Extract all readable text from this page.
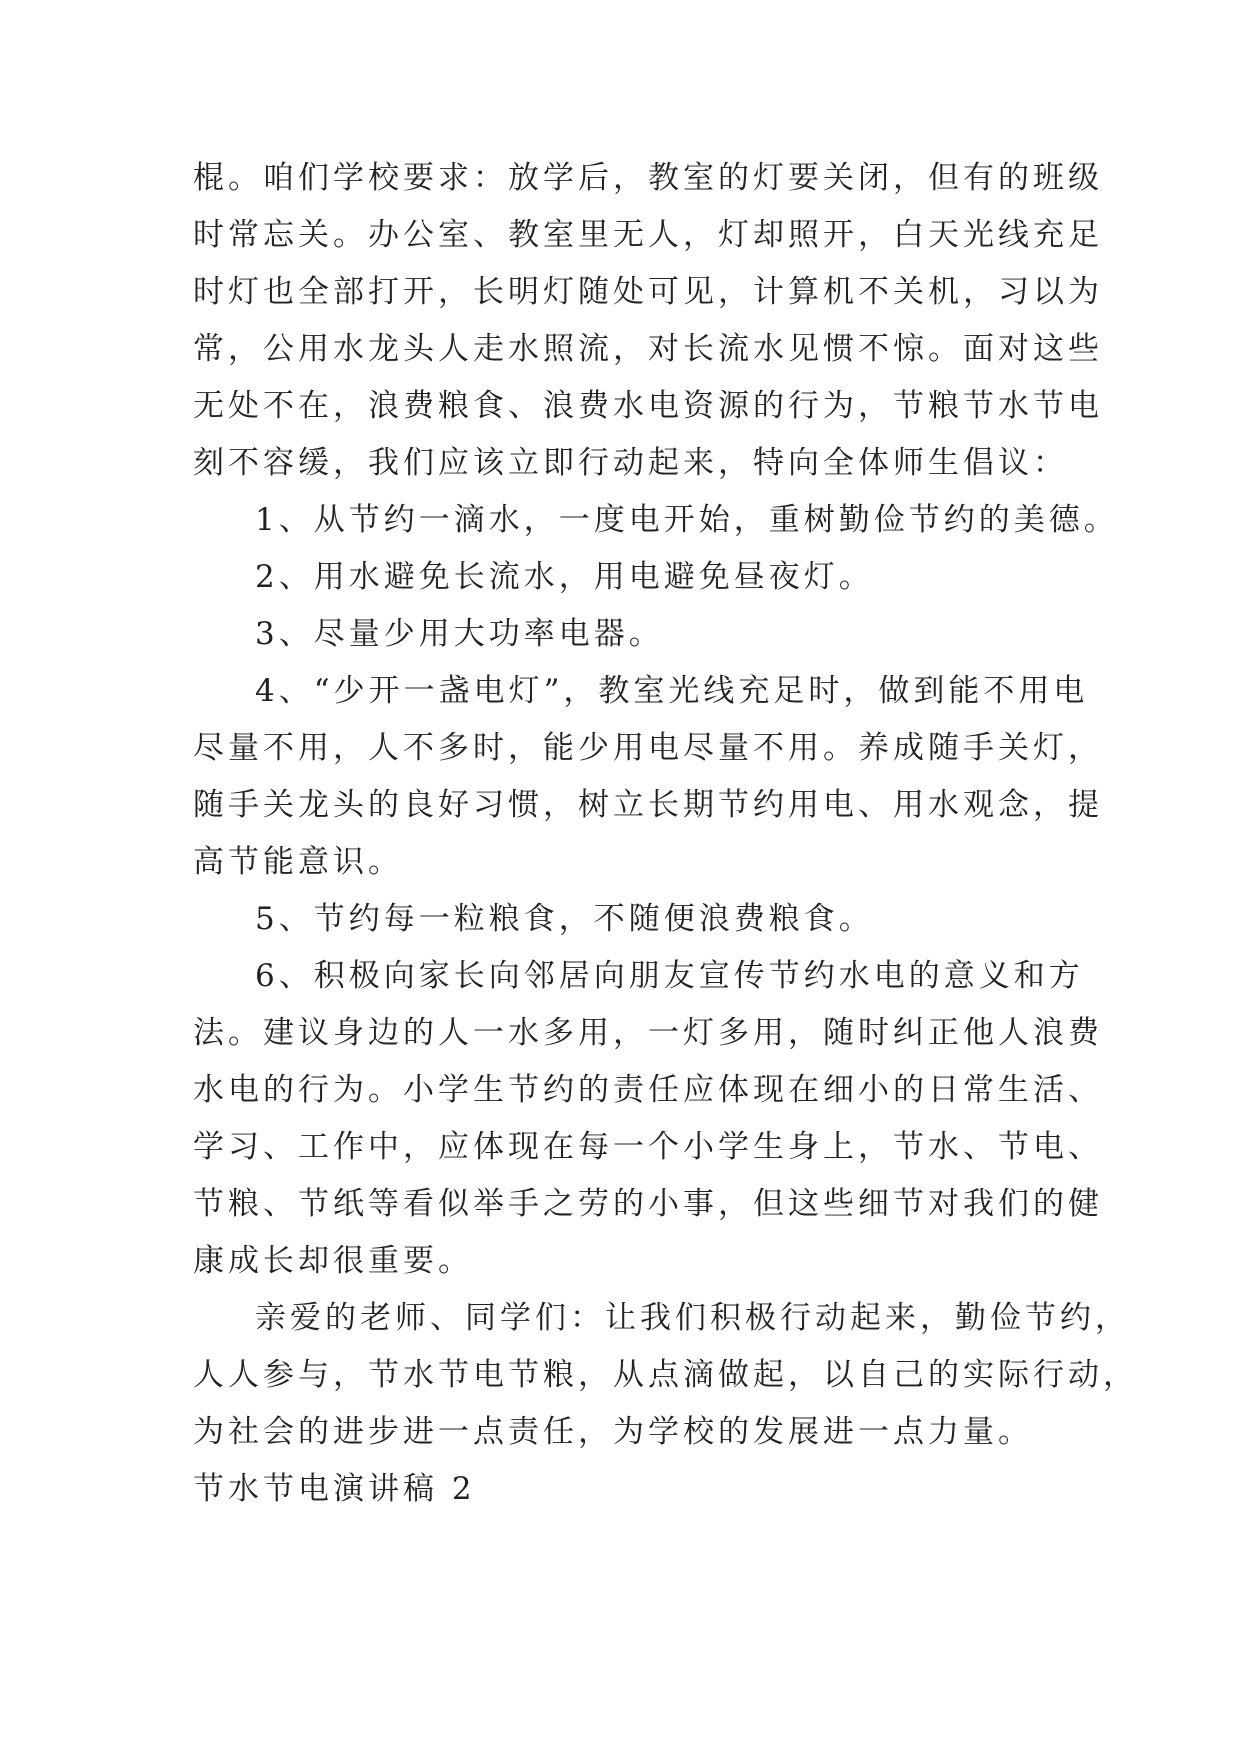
棍。咱们学校要求：放学后，教室的灯要关闭，但有的班级
时常忘关。办公室、教室里无人，灯却照开，白天光线充足
时灯也全部打开，长明灯随处可见，计算机不关机，习以为
常，公用水龙头人走水照流，对长流水见惯不惊。面对这些
无处不在，浪费粮食、浪费水电资源的行为，节粮节水节电
刻不容缓，我们应该立即行动起来，特向全体师生倡议：
1、从节约一滴水，一度电开始，重树勤俭节约的美德。
2、用水避免长流水，用电避免昼夜灯。
3、尽量少用大功率电器。
4、“少开一盏电灯”，教室光线充足时，做到能不用电
尽量不用，人不多时，能少用电尽量不用。养成随手关灯，
随手关龙头的良好习惯，树立长期节约用电、用水观念，提
高节能意识。
5、节约每一粒粮食，不随便浪费粮食。
6、积极向家长向邻居向朋友宣传节约水电的意义和方
法。建议身边的人一水多用，一灯多用，随时纠正他人浪费
水电的行为。小学生节约的责任应体现在细小的日常生活、
学习、工作中，应体现在每一个小学生身上，节水、节电、
节粮、节纸等看似举手之劳的小事，但这些细节对我们的健
康成长却很重要。
亲爱的老师、同学们：让我们积极行动起来，勤俭节约，
人人参与，节水节电节粮，从点滴做起，以自己的实际行动，
为社会的进步进一点责任，为学校的发展进一点力量。
节水节电演讲稿 2
